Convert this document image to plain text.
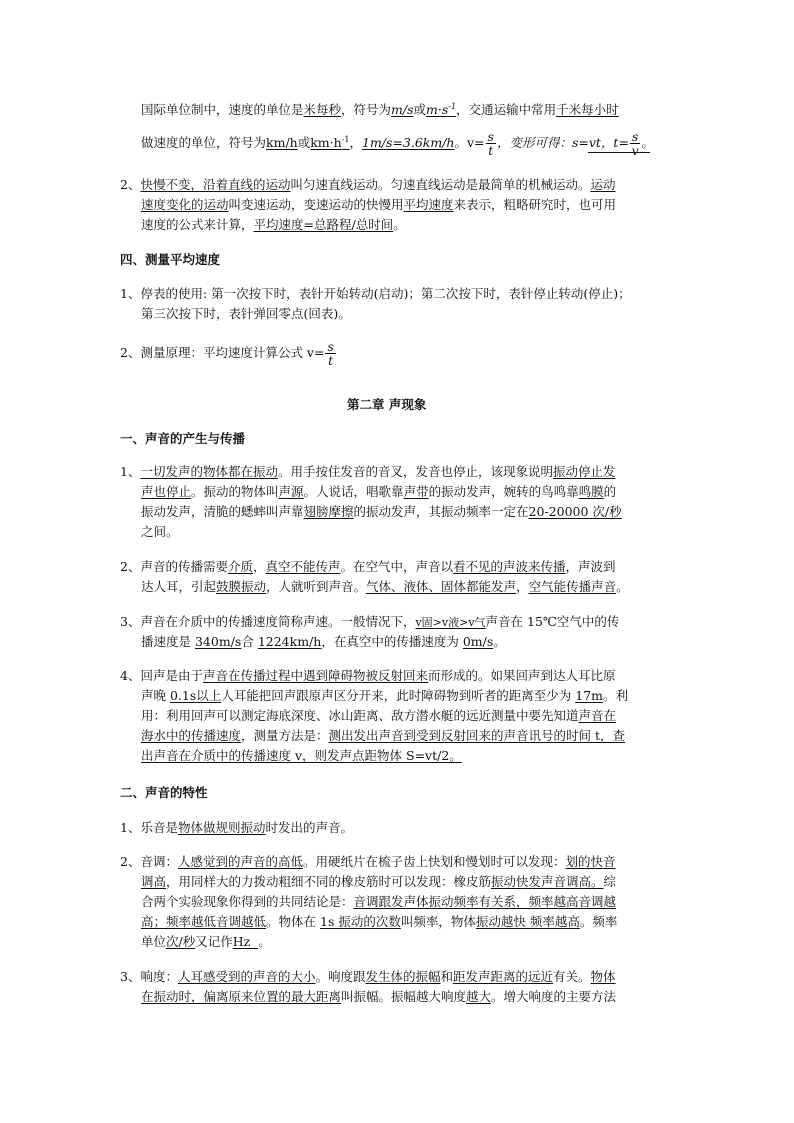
国际单位制中，速度的单位是米每秒，符号为m/s或$m\cdot s^{-1}$，交通运输中常用千米每小时
做速度的单位，符号为km/h或$km\cdot h^{-1}$，1m/s=3.6km/h。$v= \frac{s}{t}$ ，变形可得：s=vt，$t= \frac{s}{v}$ 。
2、快慢不变，沿着直线的运动叫匀速直线运动。匀速直线运动是最简单的机械运动。运动
速度变化的运动叫变速运动，变速运动的快慢用平均速度来表示，粗略研究时，也可用
速度的公式来计算，平均速度=总路程/总时间。
四、测量平均速度
1、停表的使用: 第一次按下时，表针开始转动(启动)；第二次按下时，表针停止转动(停止)；
第三次按下时，表针弹回零点(回表)。
2、测量原理：平均速度计算公式 $v= \frac{s}{t}$
第二章 声现象
一、声音的产生与传播
1、一切发声的物体都在振动。用手按住发音的音叉，发音也停止，该现象说明振动停止发
声也停止。振动的物体叫声源。人说话，唱歌靠声带的振动发声，婉转的鸟鸣靠鸣膜的
振动发声，清脆的蟋蟀叫声靠翅膀摩擦的振动发声，其振动频率一定在20-20000 次/秒
之间。
2、声音的传播需要介质，真空不能传声。在空气中，声音以看不见的声波来传播，声波到
达人耳，引起鼓膜振动，人就听到声音。气体、液体、固体都能发声，空气能传播声音。
3、声音在介质中的传播速度简称声速。一般情况下，v固>v液>v气声音在 15℃空气中的传
播速度是 340m/s合 1224km/h，在真空中的传播速度为 0m/s。
4、回声是由于声音在传播过程中遇到障碍物被反射回来而形成的。如果回声到达人耳比原
声晚 0.1s以上人耳能把回声跟原声区分开来，此时障碍物到听者的距离至少为 17m。利
用：利用回声可以测定海底深度、冰山距离、敌方潜水艇的远近测量中要先知道声音在
海水中的传播速度，测量方法是：测出发出声音到受到反射回来的声音讯号的时间 t，查
出声音在介质中的传播速度 v，则发声点距物体 S=vt/2。
二、声音的特性
1、乐音是物体做规则振动时发出的声音。
2、音调：人感觉到的声音的高低。用硬纸片在梳子齿上快划和慢划时可以发现：划的快音
调高，用同样大的力拨动粗细不同的橡皮筋时可以发现：橡皮筋振动快发声音调高。综
合两个实验现象你得到的共同结论是：音调跟发声体振动频率有关系，频率越高音调越
高；频率越低音调越低。物体在 1s 振动的次数叫频率，物体振动越快 频率越高。频率
单位次/秒又记作Hz  。
3、响度：人耳感受到的声音的大小。响度跟发生体的振幅和距发声距离的远近有关。物体
在振动时，偏离原来位置的最大距离叫振幅。振幅越大响度越大。增大响度的主要方法
